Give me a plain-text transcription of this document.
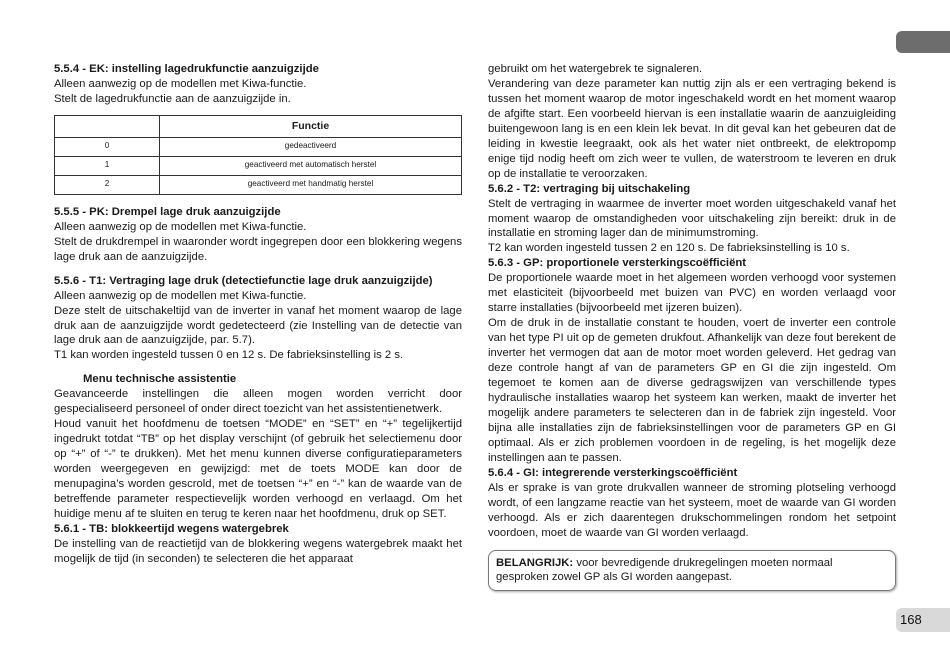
5.5.4 - EK: instelling lagedrukfunctie aanzuigzijde

Alleen aanwezig op de modellen met Kiwa-functie.

Stelt de lagedrukfunctie aan de aanzuigzijde in.

	Functie
0	gedeactiveerd
1	geactiveerd met automatisch herstel
2	geactiveerd met handmatig herstel

5.5.5 - PK: Drempel lage druk aanzuigzijde

Alleen aanwezig op de modellen met Kiwa-functie.

Stelt de drukdrempel in waaronder wordt ingegrepen door een blokkering wegens lage druk aan de aanzuigzijde.

5.5.6 - T1: Vertraging lage druk (detectiefunctie lage druk aanzuigzijde)

Alleen aanwezig op de modellen met Kiwa-functie.

Deze stelt de uitschakeltijd van de inverter in vanaf het moment waarop de lage druk aan de aanzuigzijde wordt gedetecteerd (zie Instelling van de detectie van lage druk aan de aanzuigzijde, par. 5.7).

T1 kan worden ingesteld tussen 0 en 12 s. De fabrieksinstelling is 2 s.

Menu technische assistentie

Geavanceerde instellingen die alleen mogen worden verricht door gespecialiseerd personeel of onder direct toezicht van het assistentienetwerk.

Houd vanuit het hoofdmenu de toetsen “MODE” en “SET” en “+” tegelijkertijd ingedrukt totdat “TB” op het display verschijnt (of gebruik het selectiemenu door op “+” of “-” te drukken). Met het menu kunnen diverse configuratieparameters worden weergegeven en gewijzigd: met de toets MODE kan door de menupagina’s worden gescrold, met de toetsen “+” en “-” kan de waarde van de betreffende parameter respectievelijk worden verhoogd en verlaagd. Om het huidige menu af te sluiten en terug te keren naar het hoofdmenu, druk op SET.

5.6.1 - TB: blokkeertijd wegens watergebrek

De instelling van de reactietijd van de blokkering wegens watergebrek maakt het mogelijk de tijd (in seconden) te selecteren die het apparaat

gebruikt om het watergebrek te signaleren.

Verandering van deze parameter kan nuttig zijn als er een vertraging bekend is tussen het moment waarop de motor ingeschakeld wordt en het moment waarop de afgifte start. Een voorbeeld hiervan is een installatie waarin de aanzuigleiding buitengewoon lang is en een klein lek bevat. In dit geval kan het gebeuren dat de leiding in kwestie leegraakt, ook als het water niet ontbreekt, de elektropomp enige tijd nodig heeft om zich weer te vullen, de waterstroom te leveren en druk op de installatie te veroorzaken.

5.6.2 - T2: vertraging bij uitschakeling

Stelt de vertraging in waarmee de inverter moet worden uitgeschakeld vanaf het moment waarop de omstandigheden voor uitschakeling zijn bereikt: druk in de installatie en stroming lager dan de minimumstroming.

T2 kan worden ingesteld tussen 2 en 120 s. De fabrieksinstelling is 10 s.

5.6.3 - GP: proportionele versterkingscoëfficiënt

De proportionele waarde moet in het algemeen worden verhoogd voor systemen met elasticiteit (bijvoorbeeld met buizen van PVC) en worden verlaagd voor starre installaties (bijvoorbeeld met ijzeren buizen).

Om de druk in de installatie constant te houden, voert de inverter een controle van het type PI uit op de gemeten drukfout. Afhankelijk van deze fout berekent de inverter het vermogen dat aan de motor moet worden geleverd. Het gedrag van deze controle hangt af van de parameters GP en GI die zijn ingesteld. Om tegemoet te komen aan de diverse gedragswijzen van verschillende types hydraulische installaties waarop het systeem kan werken, maakt de inverter het mogelijk andere parameters te selecteren dan in de fabriek zijn ingesteld. Voor bijna alle installaties zijn de fabrieksinstellingen voor de parameters GP en GI optimaal. Als er zich problemen voordoen in de regeling, is het mogelijk deze instellingen aan te passen.

5.6.4 - GI: integrerende versterkingscoëfficiënt

Als er sprake is van grote drukvallen wanneer de stroming plotseling verhoogd wordt, of een langzame reactie van het systeem, moet de waarde van GI worden verhoogd. Als er zich daarentegen drukschommelingen rondom het setpoint voordoen, moet de waarde van GI worden verlaagd.

BELANGRIJK: voor bevredigende drukregelingen moeten normaal gesproken zowel GP als GI worden aangepast.
168
